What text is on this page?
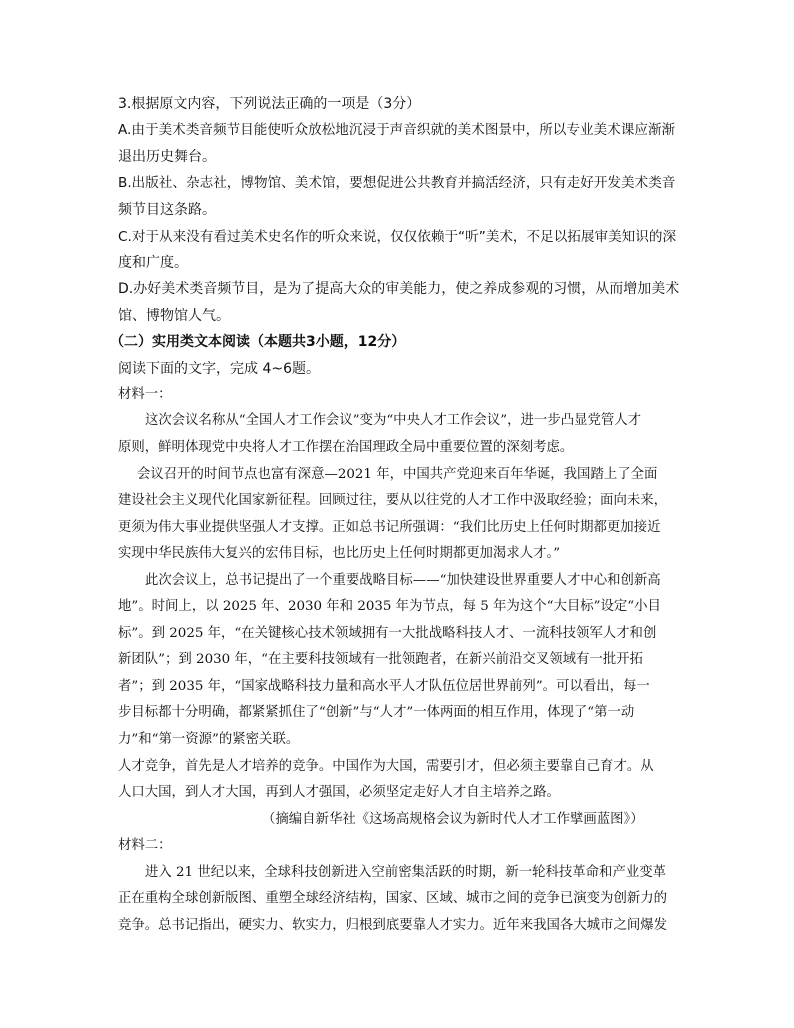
3.根据原文内容，下列说法正确的一项是（3分）
A.由于美术类音频节目能使听众放松地沉浸于声音织就的美术图景中，所以专业美术课应渐渐
退出历史舞台。
B.出版社、杂志社，博物馆、美术馆，要想促进公共教育并搞活经济，只有走好开发美术类音
频节目这条路。
C.对于从来没有看过美术史名作的听众来说，仅仅依赖于“听”美术，不足以拓展审美知识的深
度和广度。
D.办好美术类音频节目，是为了提高大众的审美能力，使之养成参观的习惯，从而增加美术
馆、博物馆人气。
（二）实用类文本阅读（本题共3小题，12分）
阅读下面的文字，完成 4~6题。
材料一：
这次会议名称从“全国人才工作会议”变为“中央人才工作会议”，进一步凸显党管人才
原则，鲜明体现党中央将人才工作摆在治国理政全局中重要位置的深刻考虑。
会议召开的时间节点也富有深意—2021 年，中国共产党迎来百年华诞，我国踏上了全面
建设社会主义现代化国家新征程。回顾过往，要从以往党的人才工作中汲取经验；面向未来，
更须为伟大事业提供坚强人才支撑。正如总书记所强调：“我们比历史上任何时期都更加接近
实现中华民族伟大复兴的宏伟目标，也比历史上任何时期都更加渴求人才。”
此次会议上，总书记提出了一个重要战略目标——“加快建设世界重要人才中心和创新高
地”。时间上，以 2025 年、2030 年和 2035 年为节点，每 5 年为这个“大目标”设定“小目
标”。到 2025 年，“在关键核心技术领域拥有一大批战略科技人才、一流科技领军人才和创
新团队”；到 2030 年，“在主要科技领域有一批领跑者，在新兴前沿交叉领域有一批开拓
者”；到 2035 年，“国家战略科技力量和高水平人才队伍位居世界前列”。可以看出，每一
步目标都十分明确，都紧紧抓住了“创新”与“人才”一体两面的相互作用，体现了“第一动
力”和“第一资源”的紧密关联。
人才竞争，首先是人才培养的竞争。中国作为大国，需要引才，但必须主要靠自己育才。从
人口大国，到人才大国，再到人才强国，必须坚定走好人才自主培养之路。
（摘编自新华社《这场高规格会议为新时代人才工作擘画蓝图》）
材料二：
进入 21 世纪以来，全球科技创新进入空前密集活跃的时期，新一轮科技革命和产业变革
正在重构全球创新版图、重塑全球经济结构，国家、区域、城市之间的竞争已演变为创新力的
竞争。总书记指出，硬实力、软实力，归根到底要靠人才实力。近年来我国各大城市之间爆发
